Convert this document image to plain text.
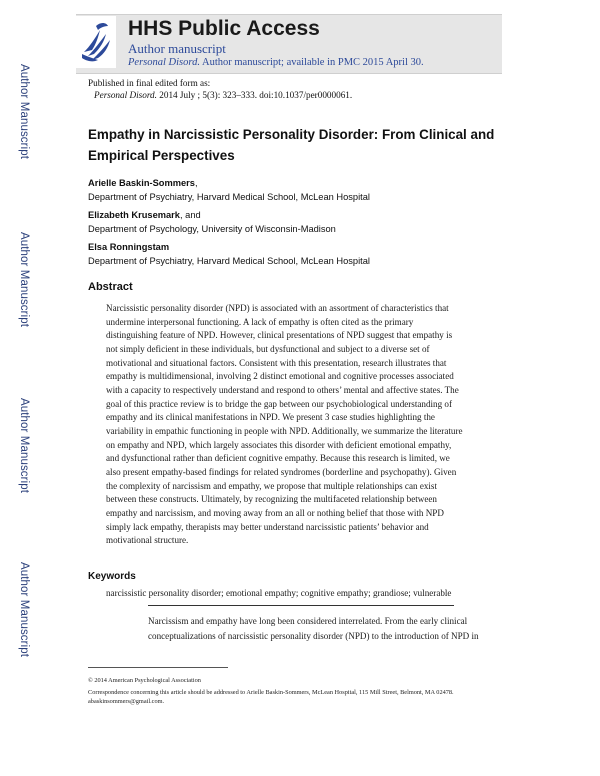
Author Manuscript
Author Manuscript
Author Manuscript
Author Manuscript
HHS Public Access
Author manuscript
Personal Disord. Author manuscript; available in PMC 2015 April 30.
Published in final edited form as:
Personal Disord. 2014 July ; 5(3): 323–333. doi:10.1037/per0000061.
Empathy in Narcissistic Personality Disorder: From Clinical and Empirical Perspectives
Arielle Baskin-Sommers,
Department of Psychiatry, Harvard Medical School, McLean Hospital
Elizabeth Krusemark, and
Department of Psychology, University of Wisconsin-Madison
Elsa Ronningstam
Department of Psychiatry, Harvard Medical School, McLean Hospital
Abstract
Narcissistic personality disorder (NPD) is associated with an assortment of characteristics that
undermine interpersonal functioning. A lack of empathy is often cited as the primary
distinguishing feature of NPD. However, clinical presentations of NPD suggest that empathy is
not simply deficient in these individuals, but dysfunctional and subject to a diverse set of
motivational and situational factors. Consistent with this presentation, research illustrates that
empathy is multidimensional, involving 2 distinct emotional and cognitive processes associated
with a capacity to respectively understand and respond to others’ mental and affective states. The
goal of this practice review is to bridge the gap between our psychobiological understanding of
empathy and its clinical manifestations in NPD. We present 3 case studies highlighting the
variability in empathic functioning in people with NPD. Additionally, we summarize the literature
on empathy and NPD, which largely associates this disorder with deficient emotional empathy,
and dysfunctional rather than deficient cognitive empathy. Because this research is limited, we
also present empathy-based findings for related syndromes (borderline and psychopathy). Given
the complexity of narcissism and empathy, we propose that multiple relationships can exist
between these constructs. Ultimately, by recognizing the multifaceted relationship between
empathy and narcissism, and moving away from an all or nothing belief that those with NPD
simply lack empathy, therapists may better understand narcissistic patients’ behavior and
motivational structure.
Keywords
narcissistic personality disorder; emotional empathy; cognitive empathy; grandiose; vulnerable
Narcissism and empathy have long been considered interrelated. From the early clinical
conceptualizations of narcissistic personality disorder (NPD) to the introduction of NPD in
© 2014 American Psychological Association
Correspondence concerning this article should be addressed to Arielle Baskin-Sommers, McLean Hospital, 115 Mill Street, Belmont, MA 02478. abaskinsommers@gmail.com.
